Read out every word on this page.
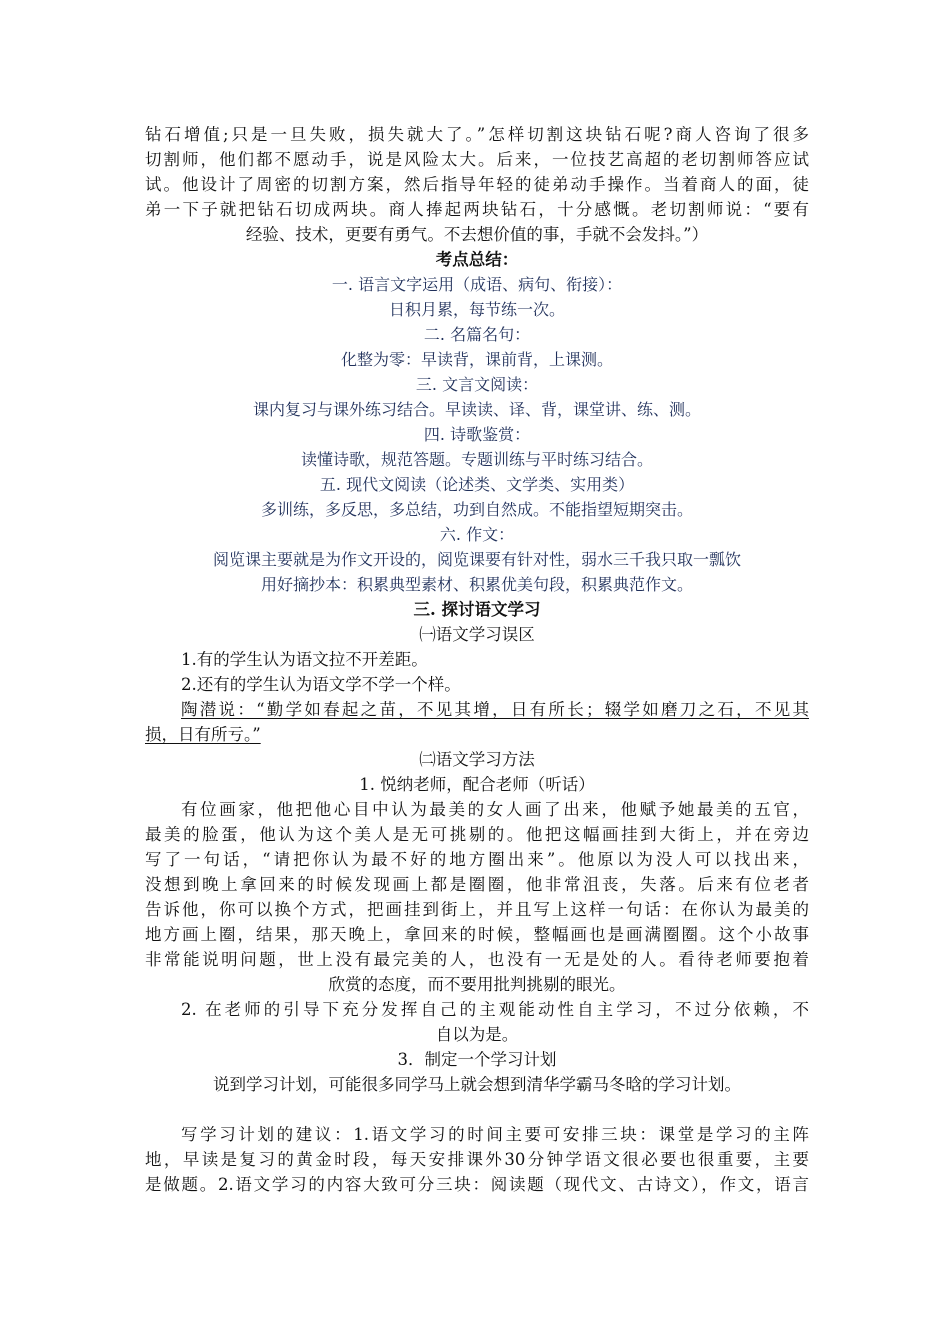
钻石增值;只是一旦失败，损失就大了。”怎样切割这块钻石呢?商人咨询了很多
切割师，他们都不愿动手，说是风险太大。后来，一位技艺高超的老切割师答应试
试。他设计了周密的切割方案，然后指导年轻的徒弟动手操作。当着商人的面，徒
弟一下子就把钻石切成两块。商人捧起两块钻石，十分感慨。老切割师说：“要有
经验、技术，更要有勇气。不去想价值的事，手就不会发抖。”）
考点总结：
一. 语言文字运用（成语、病句、衔接）：
日积月累，每节练一次。
二. 名篇名句：
化整为零：早读背，课前背，上课测。
三. 文言文阅读：
课内复习与课外练习结合。早读读、译、背，课堂讲、练、测。
四. 诗歌鉴赏：
读懂诗歌，规范答题。专题训练与平时练习结合。
五. 现代文阅读（论述类、文学类、实用类）
多训练，多反思，多总结，功到自然成。不能指望短期突击。
六. 作文：
阅览课主要就是为作文开设的，阅览课要有针对性，弱水三千我只取一瓢饮
用好摘抄本：积累典型素材、积累优美句段，积累典范作文。
三. 探讨语文学习
㈠语文学习误区
1.有的学生认为语文拉不开差距。
2.还有的学生认为语文学不学一个样。
陶潜说：“勤学如春起之苗，不见其增，日有所长；辍学如磨刀之石，不见其
损，日有所亏。”
㈡语文学习方法
1. 悦纳老师，配合老师（听话）
有位画家，他把他心目中认为最美的女人画了出来，他赋予她最美的五官，
最美的脸蛋，他认为这个美人是无可挑剔的。他把这幅画挂到大街上，并在旁边
写了一句话，“请把你认为最不好的地方圈出来”。他原以为没人可以找出来，
没想到晚上拿回来的时候发现画上都是圈圈，他非常沮丧，失落。后来有位老者
告诉他，你可以换个方式，把画挂到街上，并且写上这样一句话：在你认为最美的
地方画上圈，结果，那天晚上，拿回来的时候，整幅画也是画满圈圈。这个小故事
非常能说明问题，世上没有最完美的人，也没有一无是处的人。看待老师要抱着
欣赏的态度，而不要用批判挑剔的眼光。
2. 在老师的引导下充分发挥自己的主观能动性自主学习，不过分依赖，不
自以为是。
3．制定一个学习计划
说到学习计划，可能很多同学马上就会想到清华学霸马冬晗的学习计划。
写学习计划的建议：1.语文学习的时间主要可安排三块：课堂是学习的主阵
地，早读是复习的黄金时段，每天安排课外30分钟学语文很必要也很重要，主要
是做题。2.语文学习的内容大致可分三块：阅读题（现代文、古诗文），作文，语言
